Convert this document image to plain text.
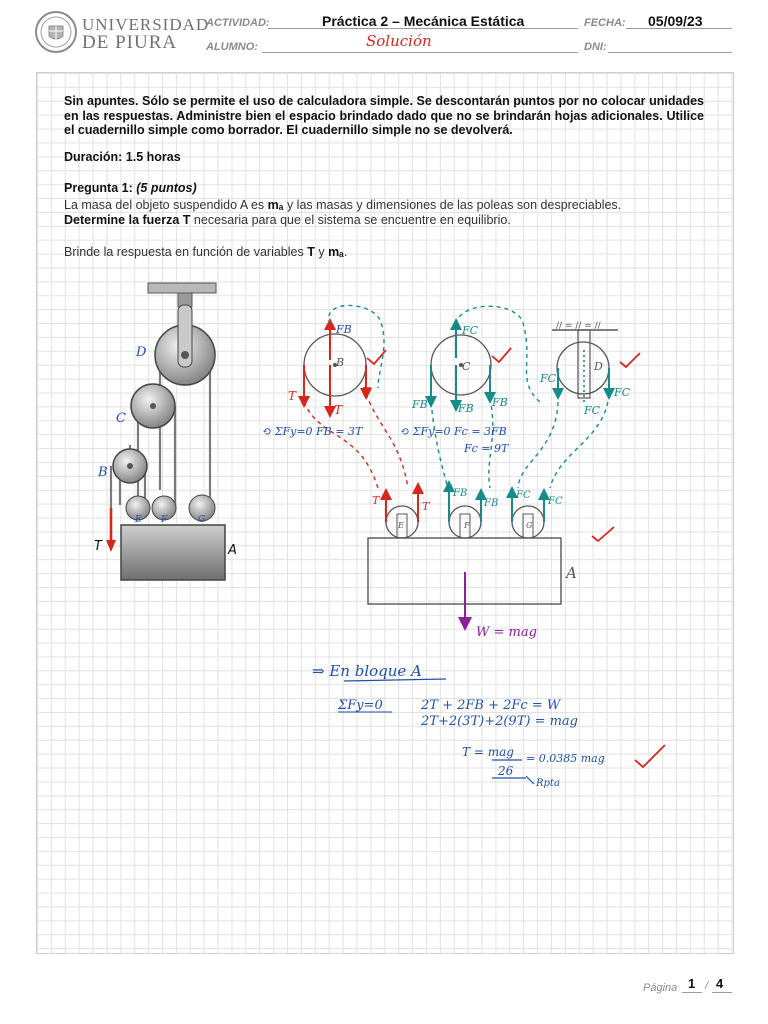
UNIVERSIDAD
DE PIURA
ACTIVIDAD:	Práctica 2 – Mecánica Estática	FECHA: 05/09/23
ALUMNO:	Solución	DNI:
Sin apuntes. Sólo se permite el uso de calculadora simple. Se descontarán puntos por no colocar unidades en las respuestas. Administre bien el espacio brindado dado que no se brindarán hojas adicionales. Utilice el cuadernillo simple como borrador. El cuadernillo simple no se devolverá.
Duración: 1.5 horas
Pregunta 1: (5 puntos)
La masa del objeto suspendido A es mₐ y las masas y dimensiones de las poleas son despreciables.
Determine la fuerza T necesaria para que el sistema se encuentre en equilibrio.
Brinde la respuesta en función de variables T y mₐ.
D
C
B
E F	G
T	A
B
FB
T
T
T
C
FC
FB	FB FB
// = // = //
D
FC
FC
FC
⟲ ΣFy=0 FB = 3T	⟲ ΣFy=0 Fc = 3FB
Fc = 9T
E	F	G
T	T
FB
FB
FC
FC
A
W = mag
⇒ En bloque A
ΣFy=0	2T + 2FB + 2Fc = W
2T+2(3T)+2(9T) = mag
T = mag
26
= 0.0385 mag
Rpta
Página 1 / 4
